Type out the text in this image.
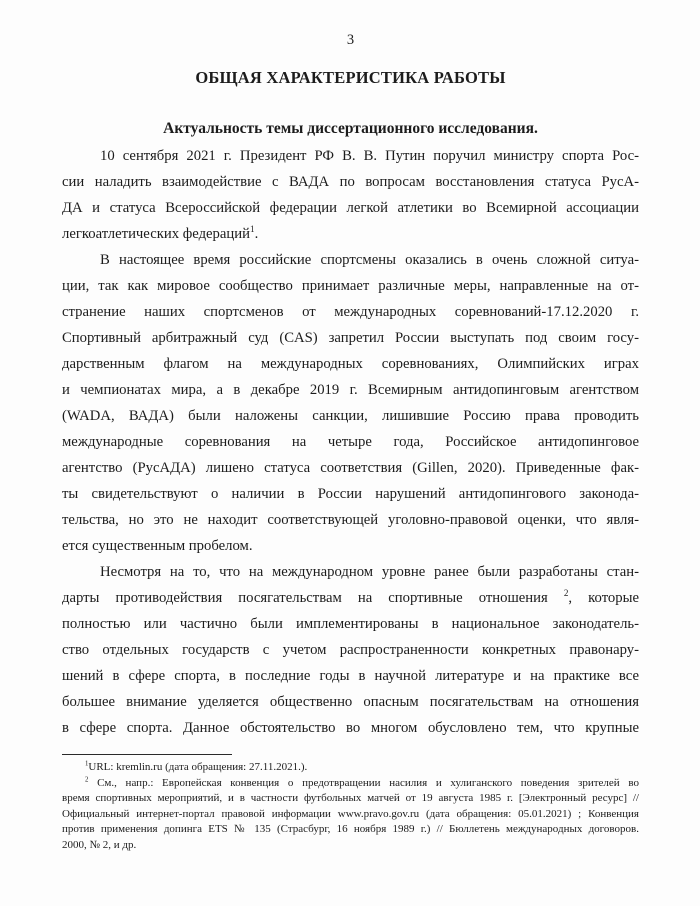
3
ОБЩАЯ ХАРАКТЕРИСТИКА РАБОТЫ
Актуальность темы диссертационного исследования.
10 сентября 2021 г. Президент РФ В. В. Путин поручил министру спорта Рос-
сии наладить взаимодействие с ВАДА по вопросам восстановления статуса РусА-
ДА и статуса Всероссийской федерации легкой атлетики во Всемирной ассоциации
легкоатлетических федераций$^1$.
В настоящее время российские спортсмены оказались в очень сложной ситуа-
ции, так как мировое сообщество принимает различные меры, направленные на от-
странение наших спортсменов от международных соревнований-17.12.2020 г.
Спортивный арбитражный суд (CAS) запретил России выступать под своим госу-
дарственным флагом на международных соревнованиях, Олимпийских играх
и чемпионатах мира, а в декабре 2019 г. Всемирным антидопинговым агентством
(WADA, ВАДА) были наложены санкции, лишившие Россию права проводить
международные соревнования на четыре года, Российское антидопинговое
агентство (РусАДА) лишено статуса соответствия (Gillen, 2020). Приведенные фак-
ты свидетельствуют о наличии в России нарушений антидопингового законода-
тельства, но это не находит соответствующей уголовно-правовой оценки, что явля-
ется существенным пробелом.
Несмотря на то, что на международном уровне ранее были разработаны стан-
дарты противодействия посягательствам на спортивные отношения $^2$, которые
полностью или частично были имплементированы в национальное законодатель-
ство отдельных государств с учетом распространенности конкретных правонару-
шений в сфере спорта, в последние годы в научной литературе и на практике все
большее внимание уделяется общественно опасным посягательствам на отношения
в сфере спорта. Данное обстоятельство во многом обусловлено тем, что крупные
$^1$URL: kremlin.ru (дата обращения: 27.11.2021.).
$^2$ См., напр.: Европейская конвенция о предотвращении насилия и хулиганского поведения зрителей во
время спортивных мероприятий, и в частности футбольных матчей от 19 августа 1985 г. [Электронный ресурс] //
Официальный интернет-портал правовой информации www.pravo.gov.ru (дата обращения: 05.01.2021) ; Конвенция
против применения допинга ETS № 135 (Страсбург, 16 ноября 1989 г.) // Бюллетень международных договоров.
2000, № 2, и др.
